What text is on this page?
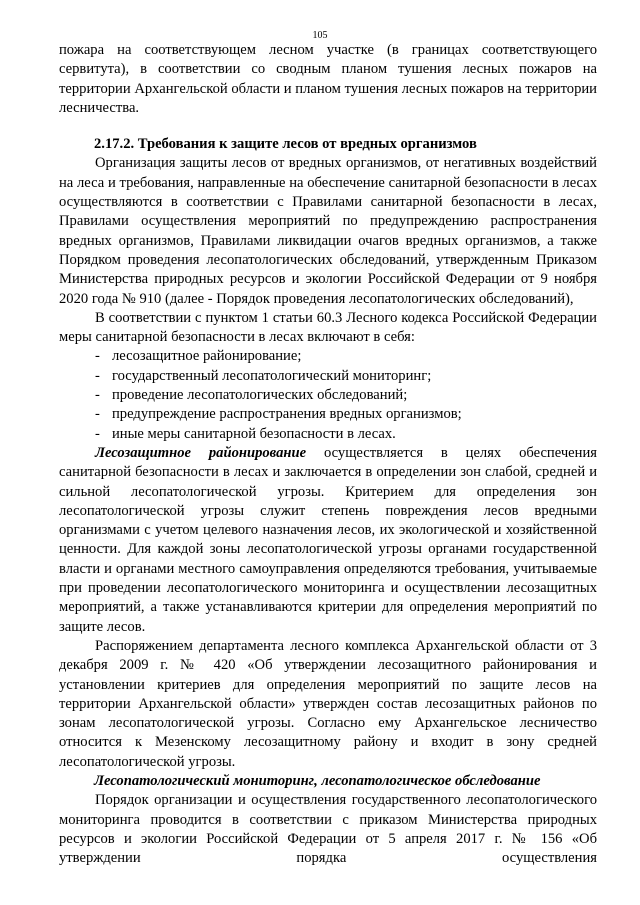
105

пожара на соответствующем лесном участке (в границах соответствующего сервитута), в соответствии со сводным планом тушения лесных пожаров на территории Архангельской области и планом тушения лесных пожаров на территории лесничества.

2.17.2. Требования к защите лесов от вредных организмов

Организация защиты лесов от вредных организмов, от негативных воздействий на леса и требования, направленные на обеспечение санитарной безопасности в лесах осуществляются в соответствии с Правилами санитарной безопасности в лесах, Правилами осуществления мероприятий по предупреждению распространения вредных организмов, Правилами ликвидации очагов вредных организмов, а также Порядком проведения лесопатологических обследований, утвержденным Приказом Министерства природных ресурсов и экологии Российской Федерации от 9 ноября 2020 года № 910 (далее - Порядок проведения лесопатологических обследований),

В соответствии с пунктом 1 статьи 60.3 Лесного кодекса Российской Федерации меры санитарной безопасности в лесах включают в себя:

- лесозащитное районирование;
- государственный лесопатологический мониторинг;
- проведение лесопатологических обследований;
- предупреждение распространения вредных организмов;
- иные меры санитарной безопасности в лесах.

Лесозащитное районирование осуществляется в целях обеспечения санитарной безопасности в лесах и заключается в определении зон слабой, средней и сильной лесопатологической угрозы. Критерием для определения зон лесопатологической угрозы служит степень повреждения лесов вредными организмами с учетом целевого назначения лесов, их экологической и хозяйственной ценности. Для каждой зоны лесопатологической угрозы органами государственной власти и органами местного самоуправления определяются требования, учитываемые при проведении лесопатологического мониторинга и осуществлении лесозащитных мероприятий, а также устанавливаются критерии для определения мероприятий по защите лесов.

Распоряжением департамента лесного комплекса Архангельской области от 3 декабря 2009 г. № 420 «Об утверждении лесозащитного районирования и установлении критериев для определения мероприятий по защите лесов на территории Архангельской области» утвержден состав лесозащитных районов по зонам лесопатологической угрозы. Согласно ему Архангельское лесничество относится к Мезенскому лесозащитному району и входит в зону средней лесопатологической угрозы.

Лесопатологический мониторинг, лесопатологическое обследование

Порядок организации и осуществления государственного лесопатологического мониторинга проводится в соответствии с приказом Министерства природных ресурсов и экологии Российской Федерации от 5 апреля 2017 г. № 156 «Об утверждении порядка осуществления
